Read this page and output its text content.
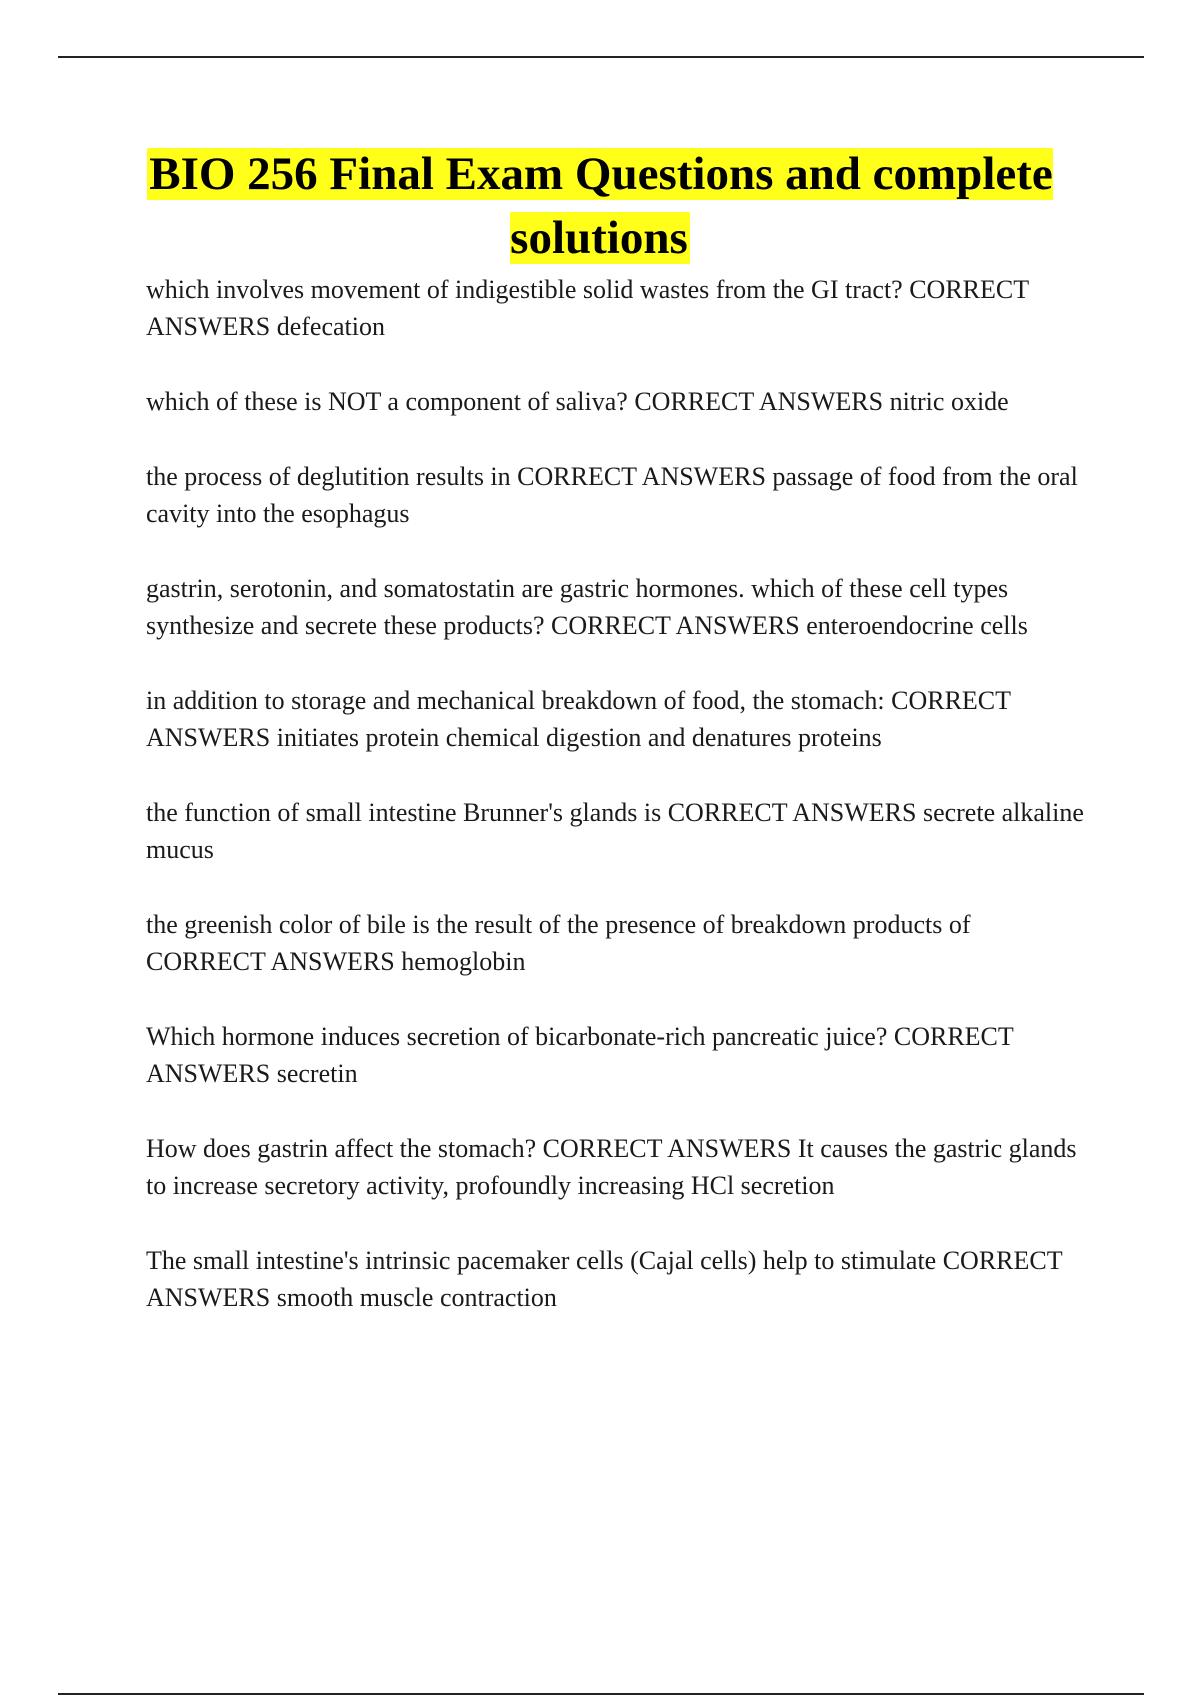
BIO 256 Final Exam Questions and complete solutions
which involves movement of indigestible solid wastes from the GI tract? CORRECT ANSWERS defecation
which of these is NOT a component of saliva? CORRECT ANSWERS nitric oxide
the process of deglutition results in CORRECT ANSWERS passage of food from the oral cavity into the esophagus
gastrin, serotonin, and somatostatin are gastric hormones. which of these cell types synthesize and secrete these products? CORRECT ANSWERS enteroendocrine cells
in addition to storage and mechanical breakdown of food, the stomach: CORRECT ANSWERS initiates protein chemical digestion and denatures proteins
the function of small intestine Brunner's glands is CORRECT ANSWERS secrete alkaline mucus
the greenish color of bile is the result of the presence of breakdown products of CORRECT ANSWERS hemoglobin
Which hormone induces secretion of bicarbonate-rich pancreatic juice? CORRECT ANSWERS secretin
How does gastrin affect the stomach? CORRECT ANSWERS It causes the gastric glands to increase secretory activity, profoundly increasing HCl secretion
The small intestine's intrinsic pacemaker cells (Cajal cells) help to stimulate CORRECT ANSWERS smooth muscle contraction
